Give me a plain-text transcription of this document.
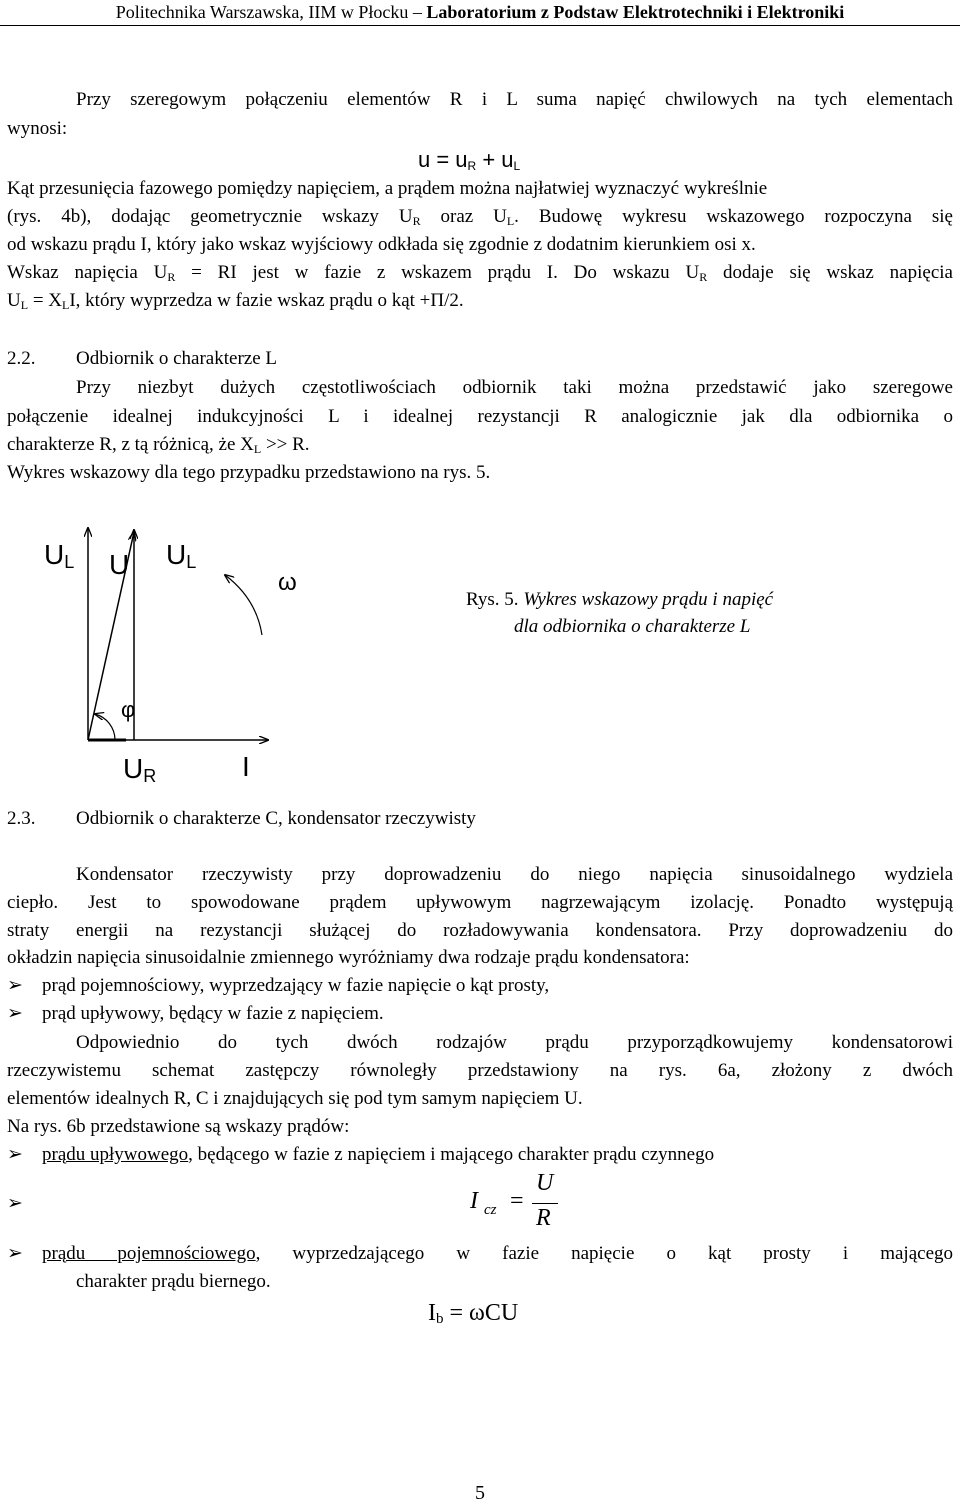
Politechnika Warszawska, IIM w Płocku – Laboratorium z Podstaw Elektrotechniki i Elektroniki
Przy szeregowym połączeniu elementów R i L suma napięć chwilowych na tych elementach
wynosi:
$u = u_R + u_L$
Kąt przesunięcia fazowego pomiędzy napięciem, a prądem można najłatwiej wyznaczyć wykreślnie
(rys. 4b), dodając geometrycznie wskazy $U_R$ oraz $U_L$. Budowę wykresu wskazowego rozpoczyna się
od wskazu prądu I, który jako wskaz wyjściowy odkłada się zgodnie z dodatnim kierunkiem osi x.
Wskaz napięcia $U_R$ = RI jest w fazie z wskazem prądu I. Do wskazu $U_R$ dodaje się wskaz napięcia
$U_L = X_LI$, który wyprzedza w fazie wskaz prądu o kąt +Π/2.
2.2. Odbiornik o charakterze L
Przy niezbyt dużych częstotliwościach odbiornik taki można przedstawić jako szeregowe
połączenie idealnej indukcyjności L i idealnej rezystancji R analogicznie jak dla odbiornika o
charakterze R, z tą różnicą, że $X_L >> R$.
Wykres wskazowy dla tego przypadku przedstawiono na rys. 5.
UL U UL
ω
φ
UR	I
Rys. 5. Wykres wskazowy prądu i napięć
dla odbiornika o charakterze L
2.3. Odbiornik o charakterze C, kondensator rzeczywisty
Kondensator rzeczywisty przy doprowadzeniu do niego napięcia sinusoidalnego wydziela
ciepło. Jest to spowodowane prądem upływowym nagrzewającym izolację. Ponadto występują
straty energii na rezystancji służącej do rozładowywania kondensatora. Przy doprowadzeniu do
okładzin napięcia sinusoidalnie zmiennego wyróżniamy dwa rodzaje prądu kondensatora:
➢ prąd pojemnościowy, wyprzedzający w fazie napięcie o kąt prosty,
➢ prąd upływowy, będący w fazie z napięciem.
Odpowiednio do tych dwóch rodzajów prądu przyporządkowujemy kondensatorowi
rzeczywistemu schemat zastępczy równoległy przedstawiony na rys. 6a, złożony z dwóch
elementów idealnych R, C i znajdujących się pod tym samym napięciem U.
Na rys. 6b przedstawione są wskazy prądów:
➢ prądu upływowego, będącego w fazie z napięciem i mającego charakter prądu czynnego
➢	I cz =
U
R
➢ prądu pojemnościowego, wyprzedzającego w fazie napięcie o kąt prosty i mającego
charakter prądu biernego.
$I_b = \omega CU$
5
